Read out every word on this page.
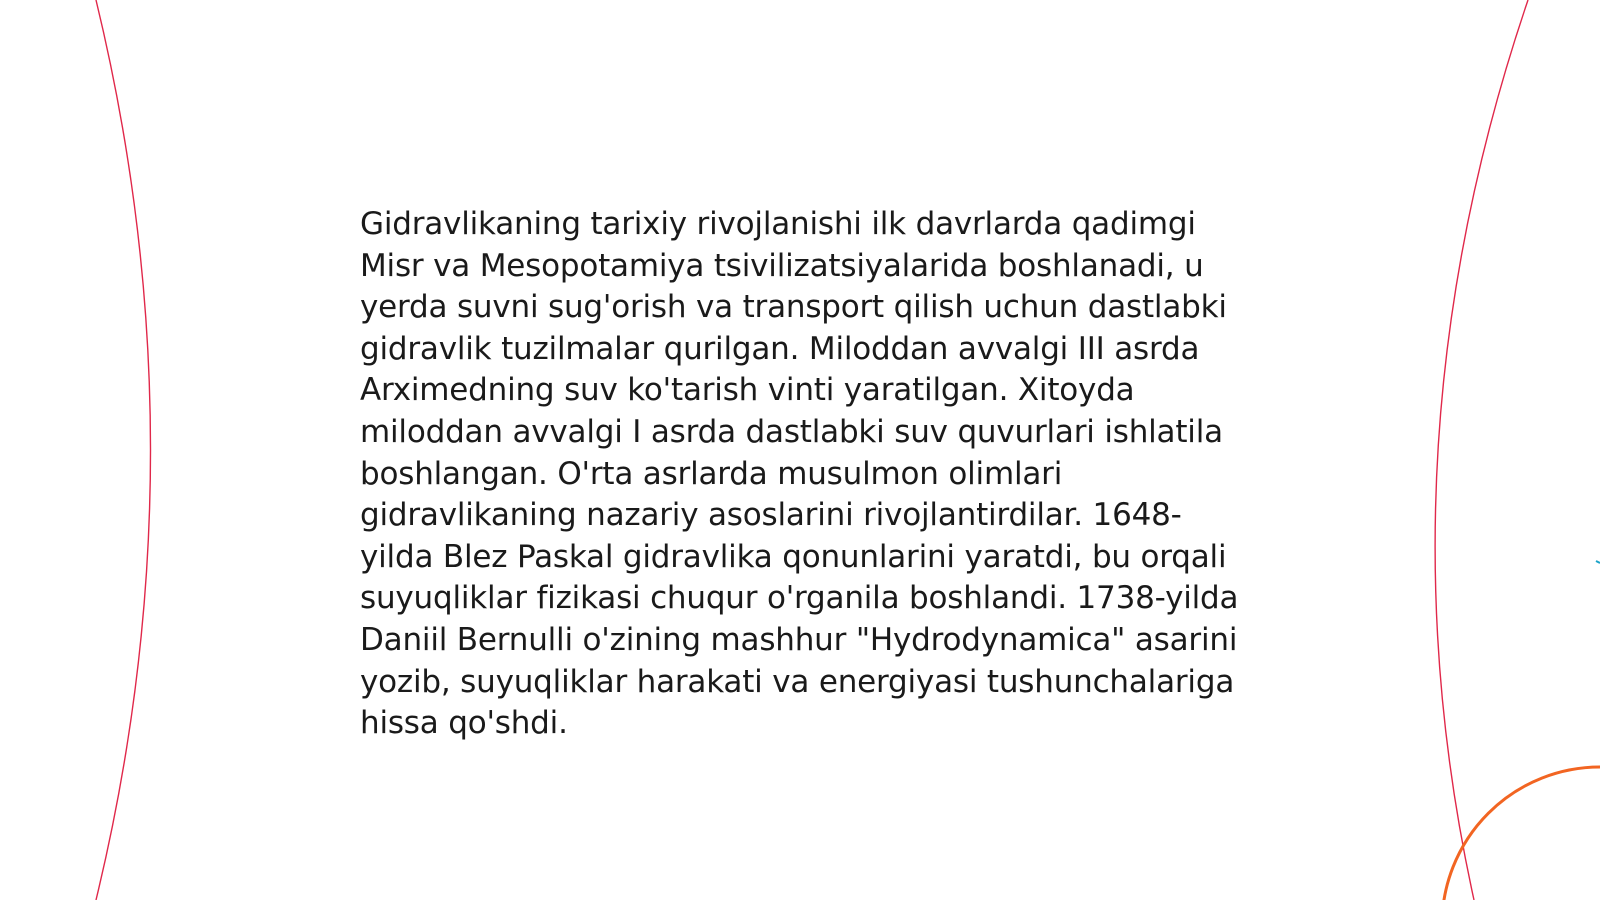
Gidravlikaning tarixiy rivojlanishi ilk davrlarda qadimgi Misr va Mesopotamiya tsivilizatsiyalarida boshlanadi, u yerda suvni sug'orish va transport qilish uchun dastlabki gidravlik tuzilmalar qurilgan. Miloddan avvalgi III asrda Arximedning suv ko'tarish vinti yaratilgan. Xitoyda miloddan avvalgi I asrda dastlabki suv quvurlari ishlatila boshlangan. O'rta asrlarda musulmon olimlari gidravlikaning nazariy asoslarini rivojlantirdilar. 1648-yilda Blez Paskal gidravlika qonunlarini yaratdi, bu orqali suyuqliklar fizikasi chuqur o'rganila boshlandi. 1738-yilda Daniil Bernulli o'zining mashhur "Hydrodynamica" asarini yozib, suyuqliklar harakati va energiyasi tushunchalariga hissa qo'shdi.
